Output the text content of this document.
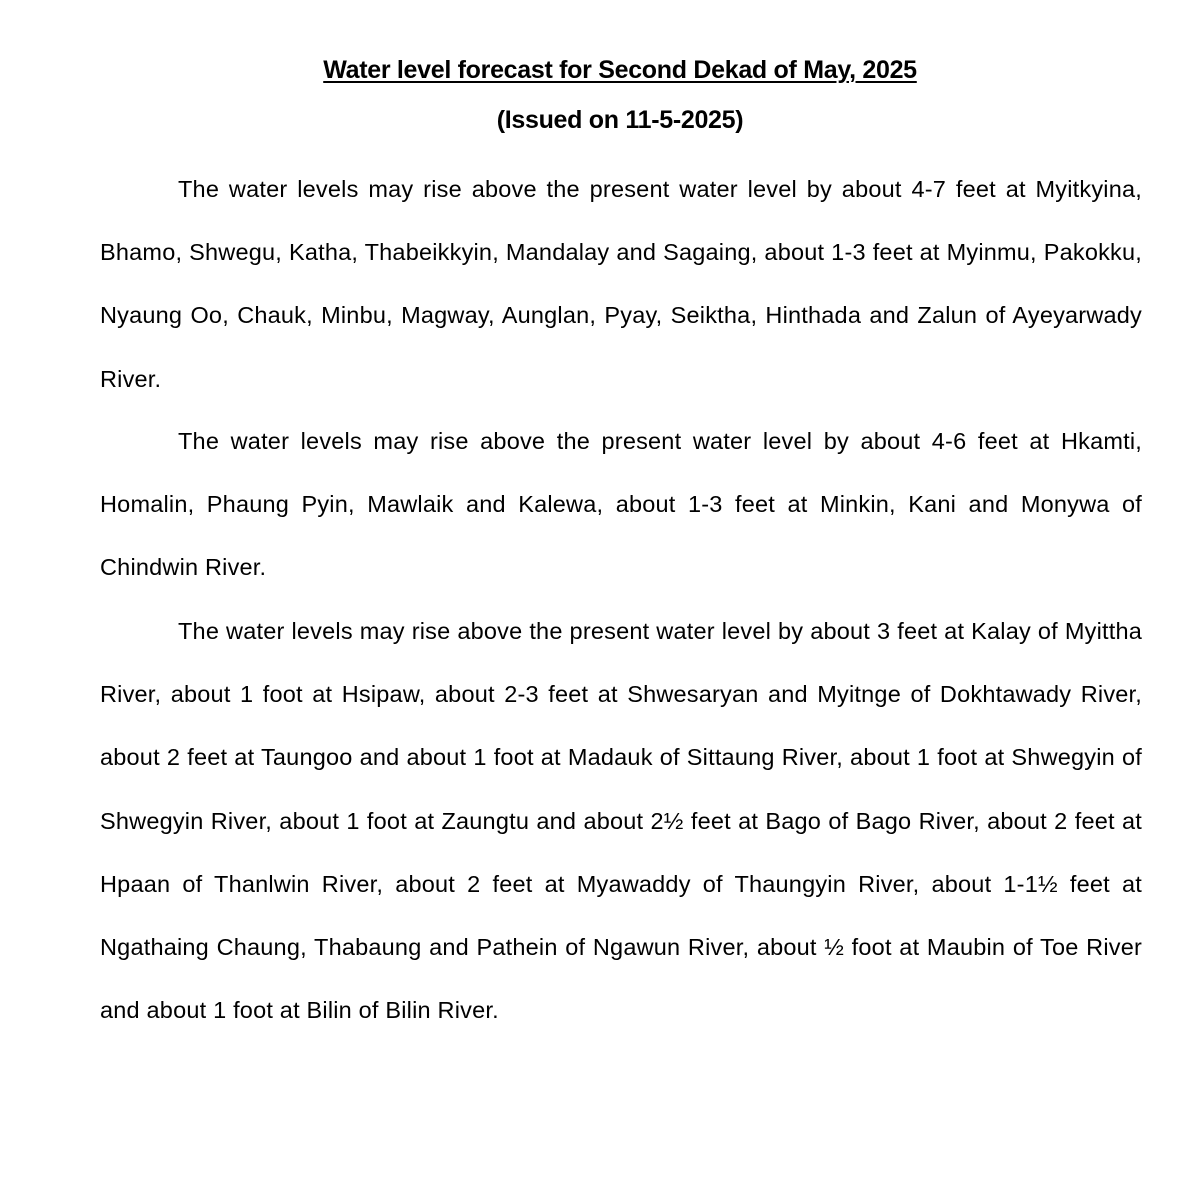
Water level forecast for Second Dekad of May, 2025
(Issued on 11-5-2025)

The water levels may rise above the present water level by about 4-7 feet at Myitkyina, Bhamo, Shwegu, Katha, Thabeikkyin, Mandalay and Sagaing, about 1-3 feet at Myinmu, Pakokku, Nyaung Oo, Chauk, Minbu, Magway, Aunglan, Pyay, Seiktha, Hinthada and Zalun of Ayeyarwady River.

The water levels may rise above the present water level by about 4-6 feet at Hkamti, Homalin, Phaung Pyin, Mawlaik and Kalewa, about 1-3 feet at Minkin, Kani and Monywa of Chindwin River.

The water levels may rise above the present water level by about 3 feet at Kalay of Myittha River, about 1 foot at Hsipaw, about 2-3 feet at Shwesaryan and Myitnge of Dokhtawady River, about 2 feet at Taungoo and about 1 foot at Madauk of Sittaung River, about 1 foot at Shwegyin of Shwegyin River, about 1 foot at Zaungtu and about 2½ feet at Bago of Bago River, about 2 feet at Hpaan of Thanlwin River, about 2 feet at Myawaddy of Thaungyin River, about 1-1½ feet at Ngathaing Chaung, Thabaung and Pathein of Ngawun River, about ½ foot at Maubin of Toe River and about 1 foot at Bilin of Bilin River.
